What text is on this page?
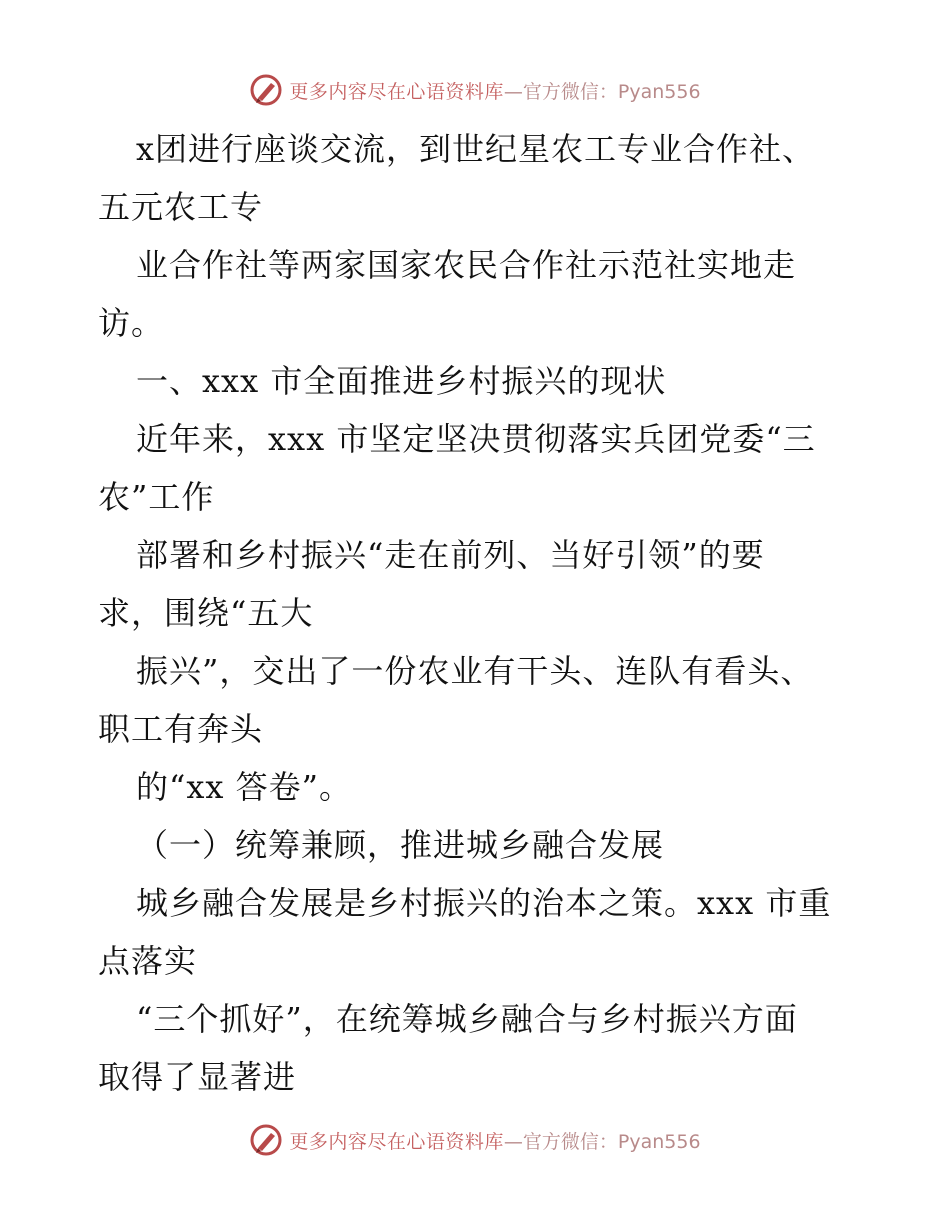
更多内容尽在心语资料库 —官方微信：Pyan556
x团进行座谈交流，到世纪星农工专业合作社、
五元农工专
业合作社等两家国家农民合作社示范社实地走
访。
一、xxx 市全面推进乡村振兴的现状
近年来，xxx 市坚定坚决贯彻落实兵团党委“三
农”工作
部署和乡村振兴“走在前列、当好引领”的要
求，围绕“五大
振兴”，交出了一份农业有干头、连队有看头、
职工有奔头
的“xx 答卷”。
（一）统筹兼顾，推进城乡融合发展
城乡融合发展是乡村振兴的治本之策。xxx 市重
点落实
“三个抓好”，在统筹城乡融合与乡村振兴方面
取得了显著进
更多内容尽在心语资料库 —官方微信：Pyan556
